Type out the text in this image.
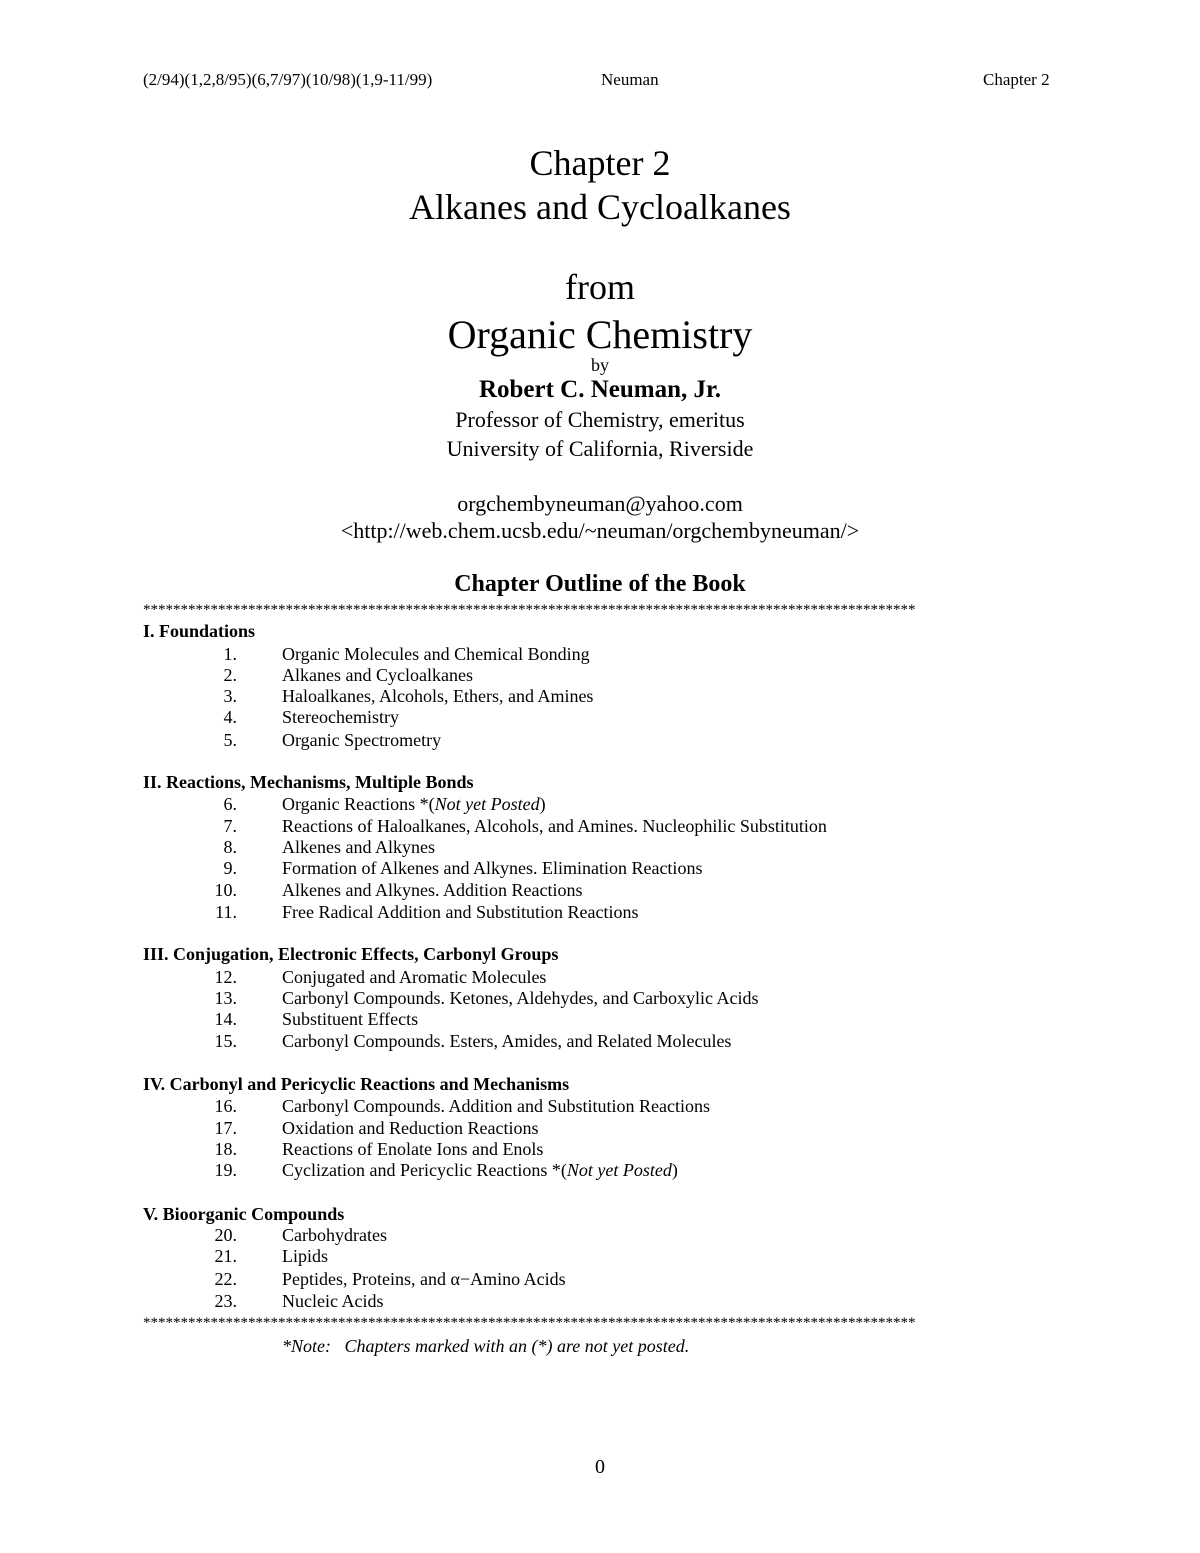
(2/94)(1,2,8/95)(6,7/97)(10/98)(1,9-11/99)	Neuman	Chapter 2
Chapter 2
Alkanes and Cycloalkanes
from
Organic Chemistry
by
Robert C. Neuman, Jr.
Professor of Chemistry, emeritus
University of California, Riverside
orgchembyneuman@yahoo.com
<http://web.chem.ucsb.edu/~neuman/orgchembyneuman/>
Chapter Outline of the Book
*******************************************************************************************************
I. Foundations
1.	Organic Molecules and Chemical Bonding
2.	Alkanes and Cycloalkanes
3.	Haloalkanes, Alcohols, Ethers, and Amines
4.	Stereochemistry
5.	Organic Spectrometry
II. Reactions, Mechanisms, Multiple Bonds
6.	Organic Reactions *(Not yet Posted)
7.	Reactions of Haloalkanes, Alcohols, and Amines. Nucleophilic Substitution
8.	Alkenes and Alkynes
9.	Formation of Alkenes and Alkynes. Elimination Reactions
10.	Alkenes and Alkynes. Addition Reactions
11.	Free Radical Addition and Substitution Reactions
III. Conjugation, Electronic Effects, Carbonyl Groups
12.	Conjugated and Aromatic Molecules
13.	Carbonyl Compounds. Ketones, Aldehydes, and Carboxylic Acids
14.	Substituent Effects
15.	Carbonyl Compounds. Esters, Amides, and Related Molecules
IV. Carbonyl and Pericyclic Reactions and Mechanisms
16.	Carbonyl Compounds. Addition and Substitution Reactions
17.	Oxidation and Reduction Reactions
18.	Reactions of Enolate Ions and Enols
19.	Cyclization and Pericyclic Reactions *(Not yet Posted)
V. Bioorganic Compounds
20.	Carbohydrates
21.	Lipids
22.	Peptides, Proteins, and α−Amino Acids
23.	Nucleic Acids
*******************************************************************************************************
*Note:   Chapters marked with an (*) are not yet posted.
0
